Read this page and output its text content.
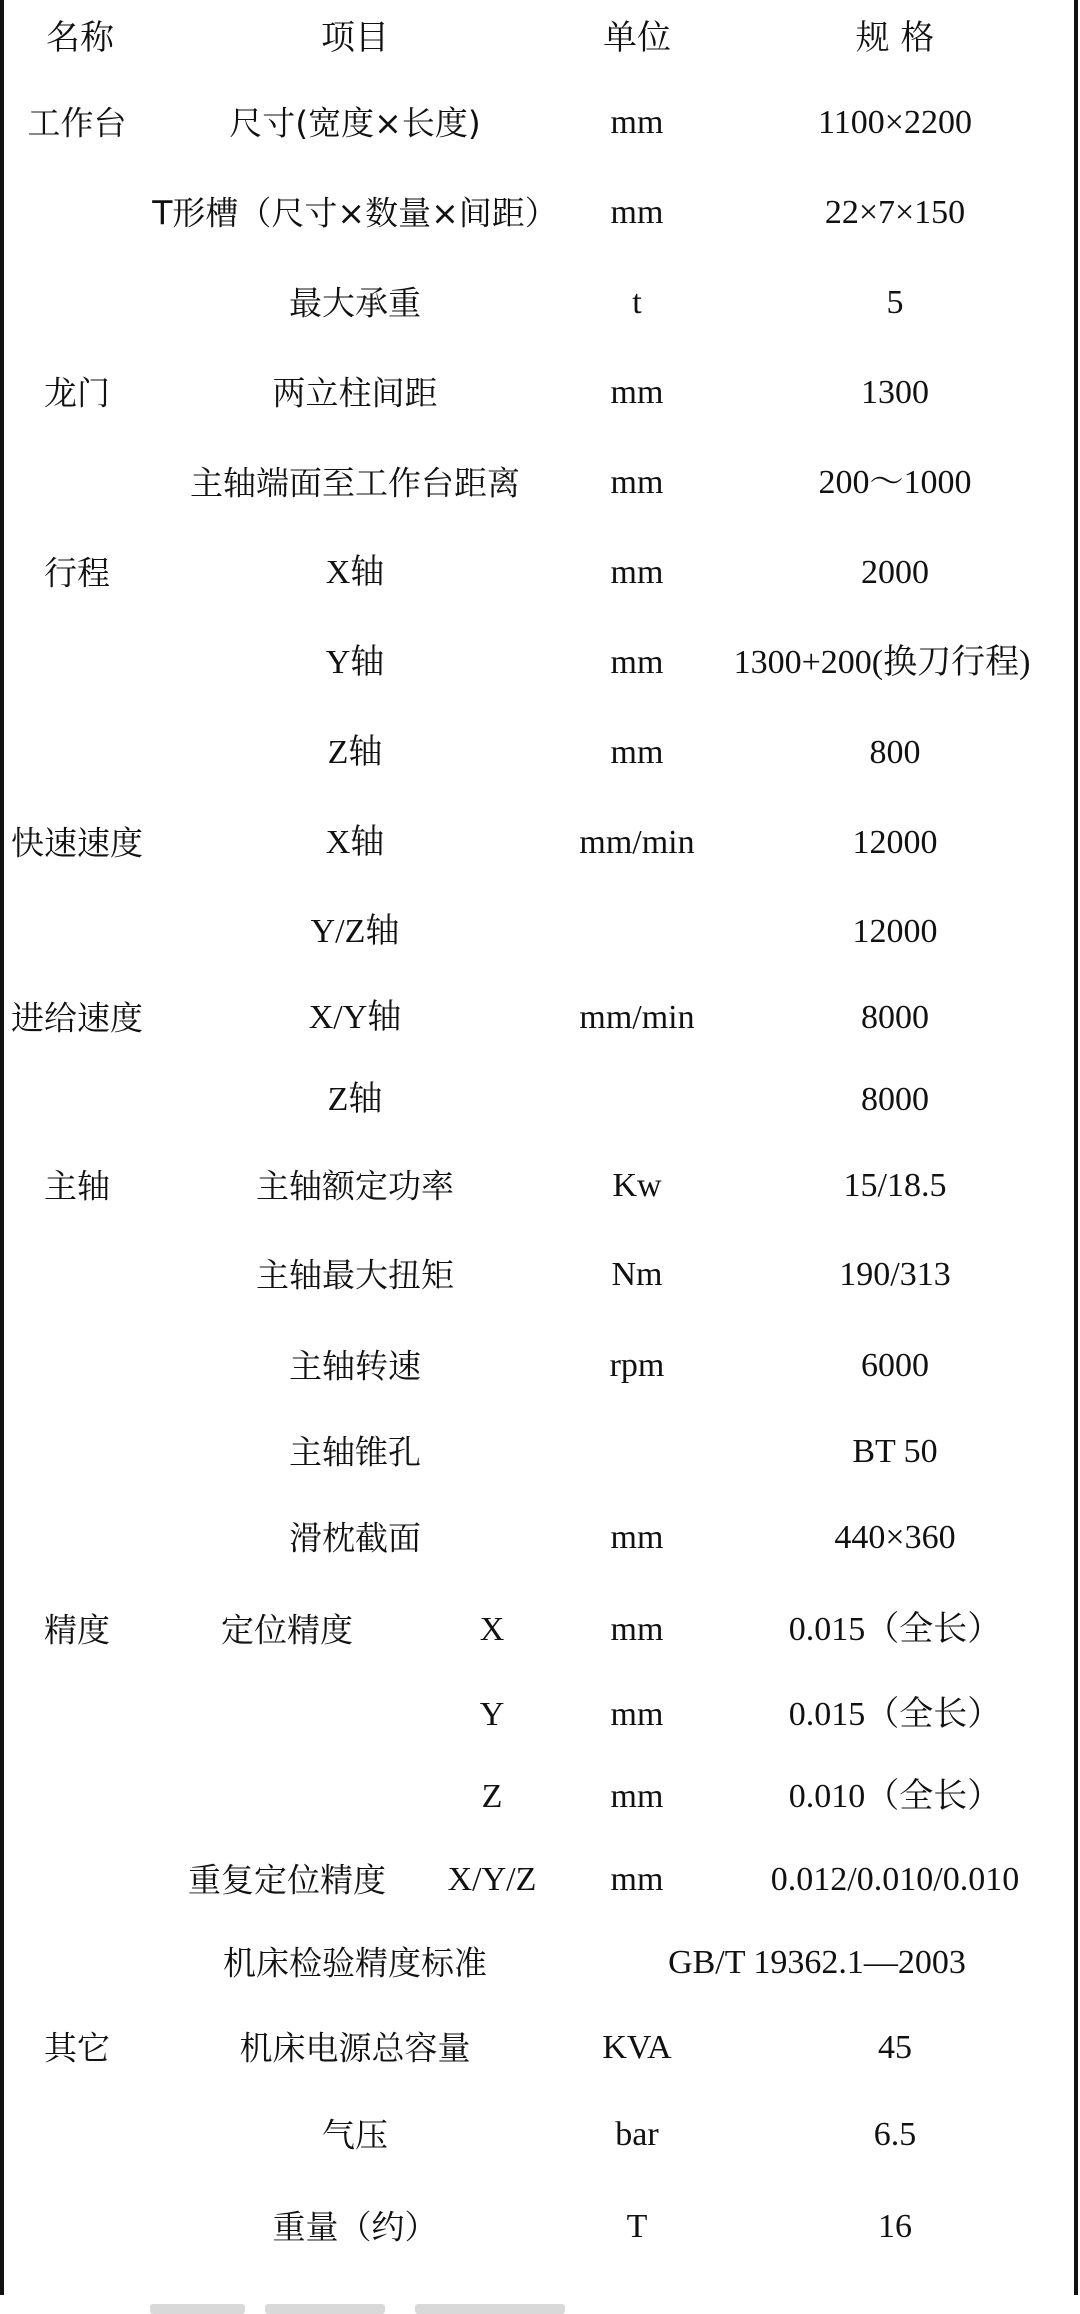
名称	项目	单位	规 格
工作台	尺寸(宽度×长度)	mm	1100×2200
T形槽（尺寸×数量×间距） mm	22×7×150
最大承重	t	5
龙门	两立柱间距	mm	1300
主轴端面至工作台距离	mm	200～1000
行程	X轴	mm	2000
Y轴	mm 1300+200(换刀行程)
Z轴	mm	800
快速速度	X轴	mm/min	12000
Y/Z轴	12000
进给速度	X/Y轴	mm/min	8000
Z轴	8000
主轴	主轴额定功率	Kw	15/18.5
主轴最大扭矩	Nm	190/313
主轴转速	rpm	6000
主轴锥孔	BT 50
滑枕截面	mm	440×360
精度	定位精度	X	mm	0.015（全长）
Y	mm	0.015（全长）
Z	mm	0.010（全长）
重复定位精度 X/Y/Z mm	0.012/0.010/0.010
机床检验精度标准	GB/T 19362.1—2003
其它	机床电源总容量	KVA	45
气压	bar	6.5
重量（约）	T	16
